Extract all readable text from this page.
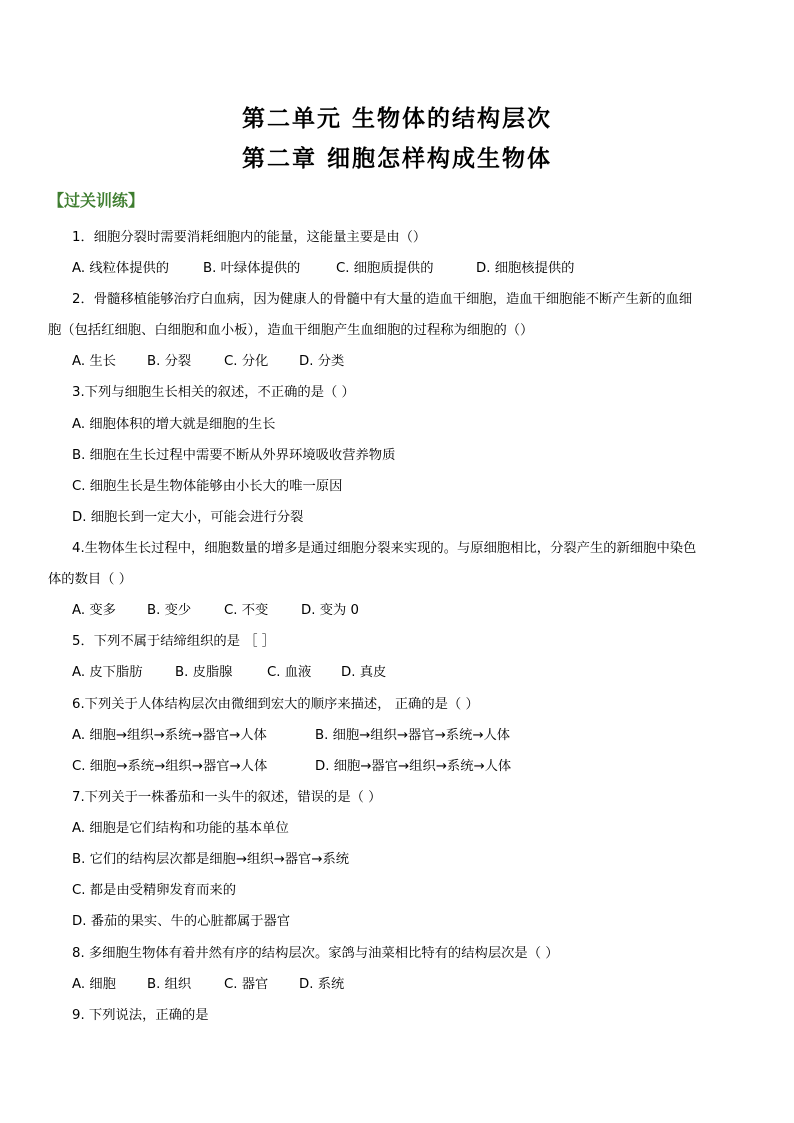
第二单元 生物体的结构层次
第二章 细胞怎样构成生物体
【过关训练】
1．细胞分裂时需要消耗细胞内的能量，这能量主要是由（）
A. 线粒体提供的	B. 叶绿体提供的	C. 细胞质提供的	D. 细胞核提供的
2．骨髓移植能够治疗白血病，因为健康人的骨髓中有大量的造血干细胞，造血干细胞能不断产生新的血细
胞（包括红细胞、白细胞和血小板），造血干细胞产生血细胞的过程称为细胞的（）
A. 生长 B. 分裂 C. 分化 D. 分类
3.下列与细胞生长相关的叙述，不正确的是（ ）
A. 细胞体积的增大就是细胞的生长
B. 细胞在生长过程中需要不断从外界环境吸收营养物质
C. 细胞生长是生物体能够由小长大的唯一原因
D. 细胞长到一定大小，可能会进行分裂
4.生物体生长过程中，细胞数量的增多是通过细胞分裂来实现的。与原细胞相比，分裂产生的新细胞中染色
体的数目（ ）
A. 变多 B. 变少 C. 不变 D. 变为 0
5．下列不属于结缔组织的是 ［ ］
A. 皮下脂肪 B. 皮脂腺	C. 血液 D. 真皮
6.下列关于人体结构层次由微细到宏大的顺序来描述， 正确的是（ ）
A. 细胞→组织→系统→器官→人体	B. 细胞→组织→器官→系统→人体
C. 细胞→系统→组织→器官→人体	D. 细胞→器官→组织→系统→人体
7.下列关于一株番茄和一头牛的叙述，错误的是（ ）
A. 细胞是它们结构和功能的基本单位
B. 它们的结构层次都是细胞→组织→器官→系统
C. 都是由受精卵发育而来的
D. 番茄的果实、牛的心脏都属于器官
8. 多细胞生物体有着井然有序的结构层次。家鸽与油菜相比特有的结构层次是（ ）
A. 细胞 B. 组织 C. 器官 D. 系统
9. 下列说法，正确的是
